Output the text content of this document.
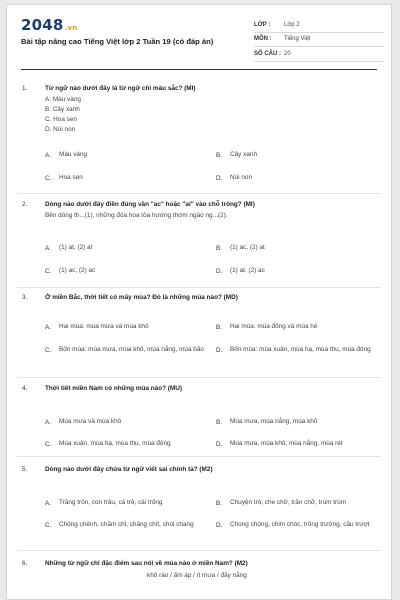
2048.vn
Bài tập nâng cao Tiếng Việt lớp 2 Tuần 19 (có đáp án)
LỚP :	Lớp 2
MÔN :	Tiếng Việt
SỐ CÂU : 20
1.	Từ ngữ nào dưới đây là từ ngữ chỉ màu sắc? (MI)
A. Màu vàng
B. Cây xanh
C. Hoa sen
D. Núi non
A.	Màu vàng	B.	Cây xanh
C.	Hoa sen	D.	Núi non
2.	Dòng nào dưới đây điền đúng vần "ac" hoặc "ai" vào chỗ trống? (MI)
Bên dòng th...(1), những đóa hoa tỏa hương thơm ngào ng...(2).
A.	(1) at, (2) at	B.	(1) ac, (2) at
C.	(1) ac, (2) ac	D.	(1) at, (2) ac
3.	Ở miền Bắc, thời tiết có mấy mùa? Đó là những mùa nào? (MD)
A.	Hai mùa: mùa mưa và mùa khô	B.	Hai mùa: mùa đông và mùa hè
C.	Bốn mùa: mùa mưa, mùa khô, mùa nắng, mùa bão D.	Bốn mùa: mùa xuân, mùa hạ, mùa thu, mùa đông
4.	Thời tiết miền Nam có những mùa nào? (MU)
A.	Mùa mưa và mùa khô	B.	Mùa mưa, mùa nắng, mùa khô
C.	Mùa xuân, mùa hạ, mùa thu, mùa đông	D.	Mùa mưa, mùa khô, mùa nắng, mùa rét
5.	Dòng nào dưới đây chứa từ ngữ viết sai chính tả? (M2)
A.	Trăng tròn, con trâu, cá trê, cái trống	B.	Chuyện trò, che chở, trăn chở, trùm trùm
C.	Chông chênh, chăm chỉ, chăng chít, chói chang	D.	Chong chóng, chim chóc, trống trường, cầu trượt
6.	Những từ ngữ chỉ đặc điểm sau nói về mùa nào ở miền Nam? (M2)
khô ráo / ấm áp / ít mưa / đầy nắng
